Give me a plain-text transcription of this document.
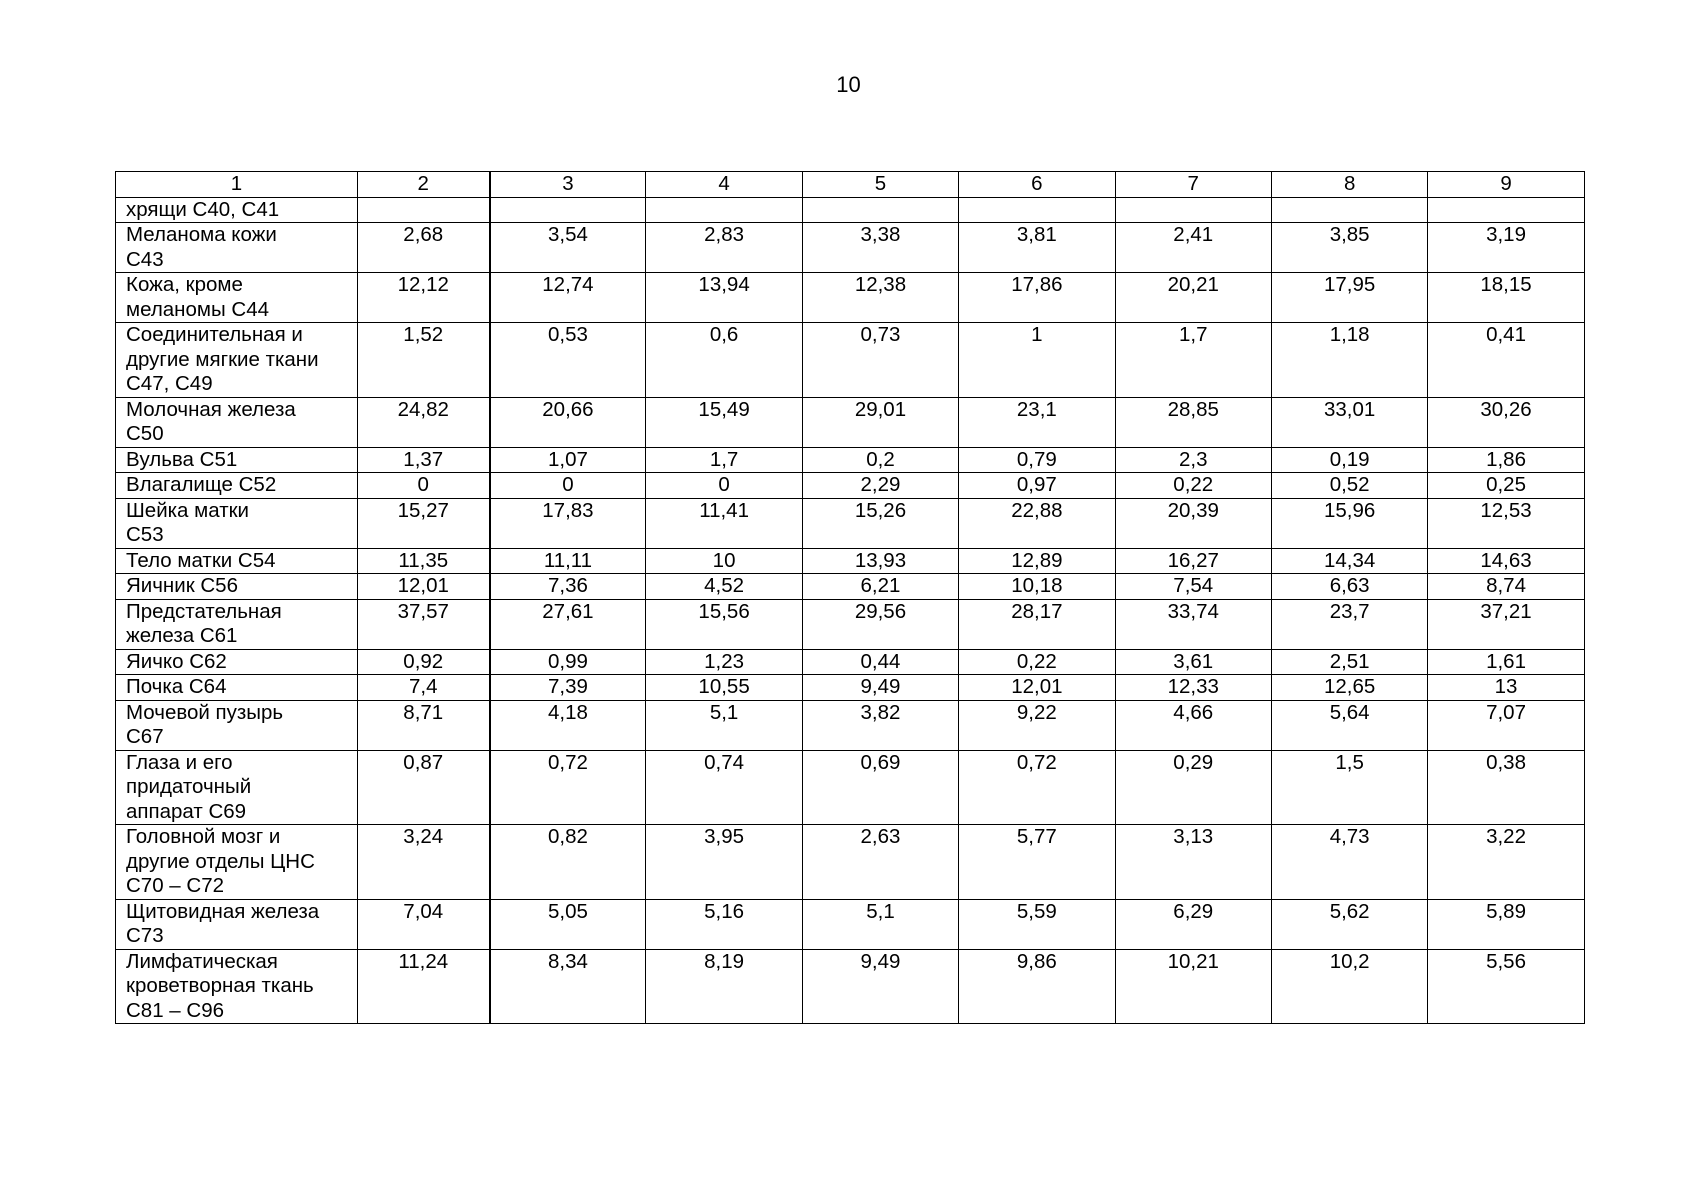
10
1	2	3	4	5	6	7	8	9

хрящи С40, С41								

Меланома кожи
С43	2,68	3,54	2,83	3,38	3,81	2,41	3,85	3,19

Кожа, кроме
меланомы С44	12,12	12,74	13,94	12,38	17,86	20,21	17,95	18,15

Соединительная и
другие мягкие ткани
С47, С49	1,52	0,53	0,6	0,73	1	1,7	1,18	0,41

Молочная железа
С50	24,82	20,66	15,49	29,01	23,1	28,85	33,01	30,26

Вульва С51	1,37	1,07	1,7	0,2	0,79	2,3	0,19	1,86

Влагалище С52	0	0	0	2,29	0,97	0,22	0,52	0,25

Шейка матки
С53	15,27	17,83	11,41	15,26	22,88	20,39	15,96	12,53

Тело матки С54	11,35	11,11	10	13,93	12,89	16,27	14,34	14,63

Яичник С56	12,01	7,36	4,52	6,21	10,18	7,54	6,63	8,74

Предстательная
железа С61	37,57	27,61	15,56	29,56	28,17	33,74	23,7	37,21

Яичко С62	0,92	0,99	1,23	0,44	0,22	3,61	2,51	1,61

Почка С64	7,4	7,39	10,55	9,49	12,01	12,33	12,65	13

Мочевой пузырь
С67	8,71	4,18	5,1	3,82	9,22	4,66	5,64	7,07

Глаза и его
придаточный
аппарат С69	0,87	0,72	0,74	0,69	0,72	0,29	1,5	0,38

Головной мозг и
другие отделы ЦНС
С70 – С72	3,24	0,82	3,95	2,63	5,77	3,13	4,73	3,22

Щитовидная железа
С73	7,04	5,05	5,16	5,1	5,59	6,29	5,62	5,89

Лимфатическая
кроветворная ткань
С81 – С96	11,24	8,34	8,19	9,49	9,86	10,21	10,2	5,56
